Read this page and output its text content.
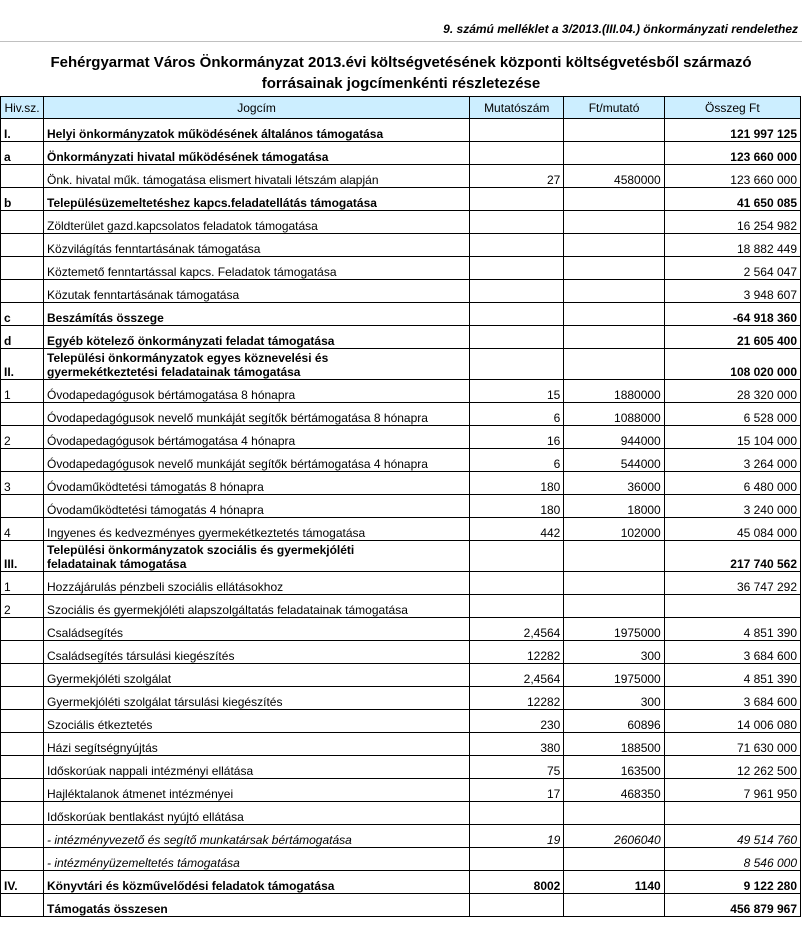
9. számú melléklet a 3/2013.(III.04.) önkormányzati rendelethez
Fehérgyarmat Város Önkormányzat 2013.évi költségvetésének központi költségvetésből származó
forrásainak jogcímenkénti részletezése
Hiv.sz.	Jogcím	Mutatószám	Ft/mutató	Összeg Ft
I.	Helyi önkormányzatok működésének általános támogatása			121 997 125
a	Önkormányzati hivatal működésének támogatása			123 660 000

	Önk. hivatal műk. támogatása elismert hivatali létszám alapján	27	4580000	123 660 000
b	Településüzemeltetéshez kapcs.feladatellátás támogatása			41 650 085

	Zöldterület gazd.kapcsolatos feladatok támogatása			16 254 982

	Közvilágítás fenntartásának támogatása			18 882 449

	Köztemető fenntartással kapcs. Feladatok támogatása			2 564 047

	Közutak fenntartásának támogatása			3 948 607
c	Beszámítás összege			-64 918 360
d	Egyéb kötelező önkormányzati feladat támogatása			21 605 400
II.	Települési önkormányzatok egyes köznevelési és
gyermekétkeztetési feladatainak támogatása			108 020 000
1	Óvodapedagógusok bértámogatása 8 hónapra	15	1880000	28 320 000

	Óvodapedagógusok nevelő munkáját segítők bértámogatása 8 hónapra	6	1088000	6 528 000
2	Óvodapedagógusok bértámogatása 4 hónapra	16	944000	15 104 000

	Óvodapedagógusok nevelő munkáját segítők bértámogatása 4 hónapra	6	544000	3 264 000
3	Óvodaműködtetési támogatás 8 hónapra	180	36000	6 480 000

	Óvodaműködtetési támogatás 4 hónapra	180	18000	3 240 000
4	Ingyenes és kedvezményes gyermekétkeztetés támogatása	442	102000	45 084 000
III.	Települési önkormányzatok szociális és gyermekjóléti
feladatainak támogatása			217 740 562
1	Hozzájárulás pénzbeli szociális ellátásokhoz			36 747 292
2	Szociális és gyermekjóléti alapszolgáltatás feladatainak támogatása			

	Családsegítés	2,4564	1975000	4 851 390

	Családsegítés társulási kiegészítés	12282	300	3 684 600

	Gyermekjóléti szolgálat	2,4564	1975000	4 851 390

	Gyermekjóléti szolgálat társulási kiegészítés	12282	300	3 684 600

	Szociális étkeztetés	230	60896	14 006 080

	Házi segítségnyújtás	380	188500	71 630 000

	Időskorúak nappali intézményi ellátása	75	163500	12 262 500

	Hajléktalanok átmenet intézményei	17	468350	7 961 950

	Időskorúak bentlakást nyújtó ellátása			

	- intézményvezető és segítő munkatársak bértámogatása	19	2606040	49 514 760

	- intézményüzemeltetés támogatása			8 546 000
IV.	Könyvtári és közművelődési feladatok támogatása	8002	1140	9 122 280

	Támogatás összesen			456 879 967
